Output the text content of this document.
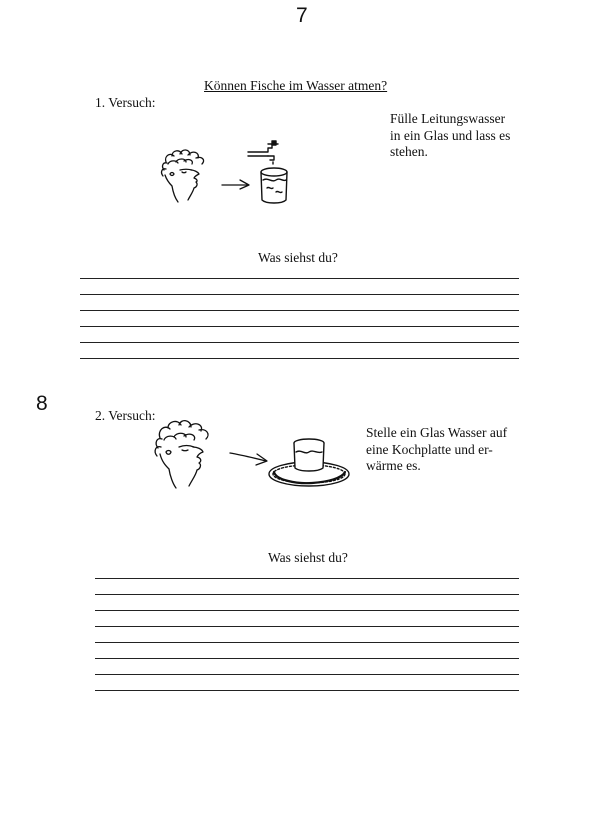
7
8
Können Fische im Wasser atmen?
1. Versuch:
Fülle Leitungswasser
in ein Glas und lass es
stehen.
Was siehst du?
2. Versuch:
Stelle ein Glas Wasser auf
eine Kochplatte und er-
wärme es.
Was siehst du?
